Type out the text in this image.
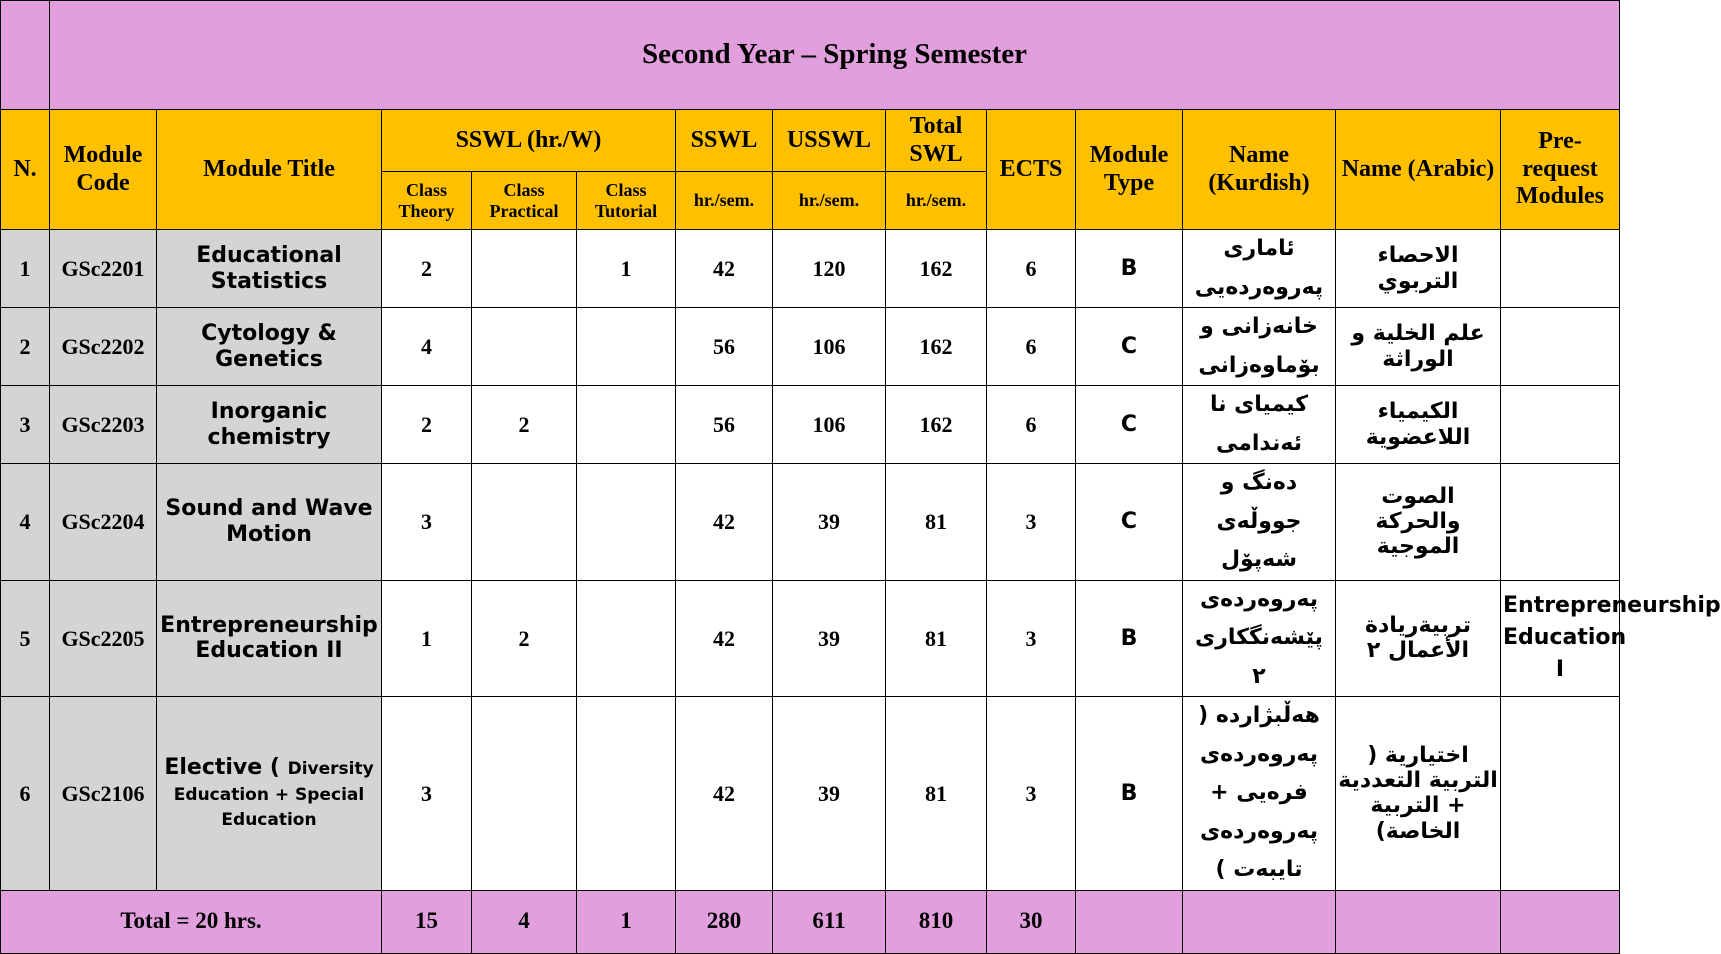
	Second Year – Spring Semester												
N.	Module Code	Module Title	SSWL (hr./W)			SSWL	USSWL	Total SWL	ECTS	Module Type	Name (Kurdish)	Name (Arabic)	Pre-request Modules
			Class Theory	Class Practical	Class Tutorial	hr./sem.	hr./sem.	hr./sem.					
1	GSc2201	Educational Statistics	2		1	42	120	162	6	B	ئاماری پەروەردەیی	الاحصاء التربوي	
2	GSc2202	Cytology & Genetics	4			56	106	162	6	C	خانەزانی و بۆماوەزانی	علم الخلية و الوراثة	
3	GSc2203	Inorganic chemistry	2	2		56	106	162	6	C	کیمیای نا ئەندامی	الكيمياء اللاعضوية	
4	GSc2204	Sound and Wave Motion	3			42	39	81	3	C	دەنگ و جووڵەی شەپۆل	الصوت والحركة الموجية	
5	GSc2205	Entrepreneurship Education II	1	2		42	39	81	3	B	پەروەردەی پێشەنگکاری ٢	تربيةريادة الأعمال ٢	Entrepreneurship Education I
6	GSc2106	Elective ( Diversity Education + Special Education	3			42	39	81	3	B	هەڵبژاردە ( پەروەردەی فرەیی + پەروەردەی تایبەت )	اختيارية ( التربية التعددية + التربية الخاصة)	
Total = 20 hrs.			15	4	1	280	611	810	30				
